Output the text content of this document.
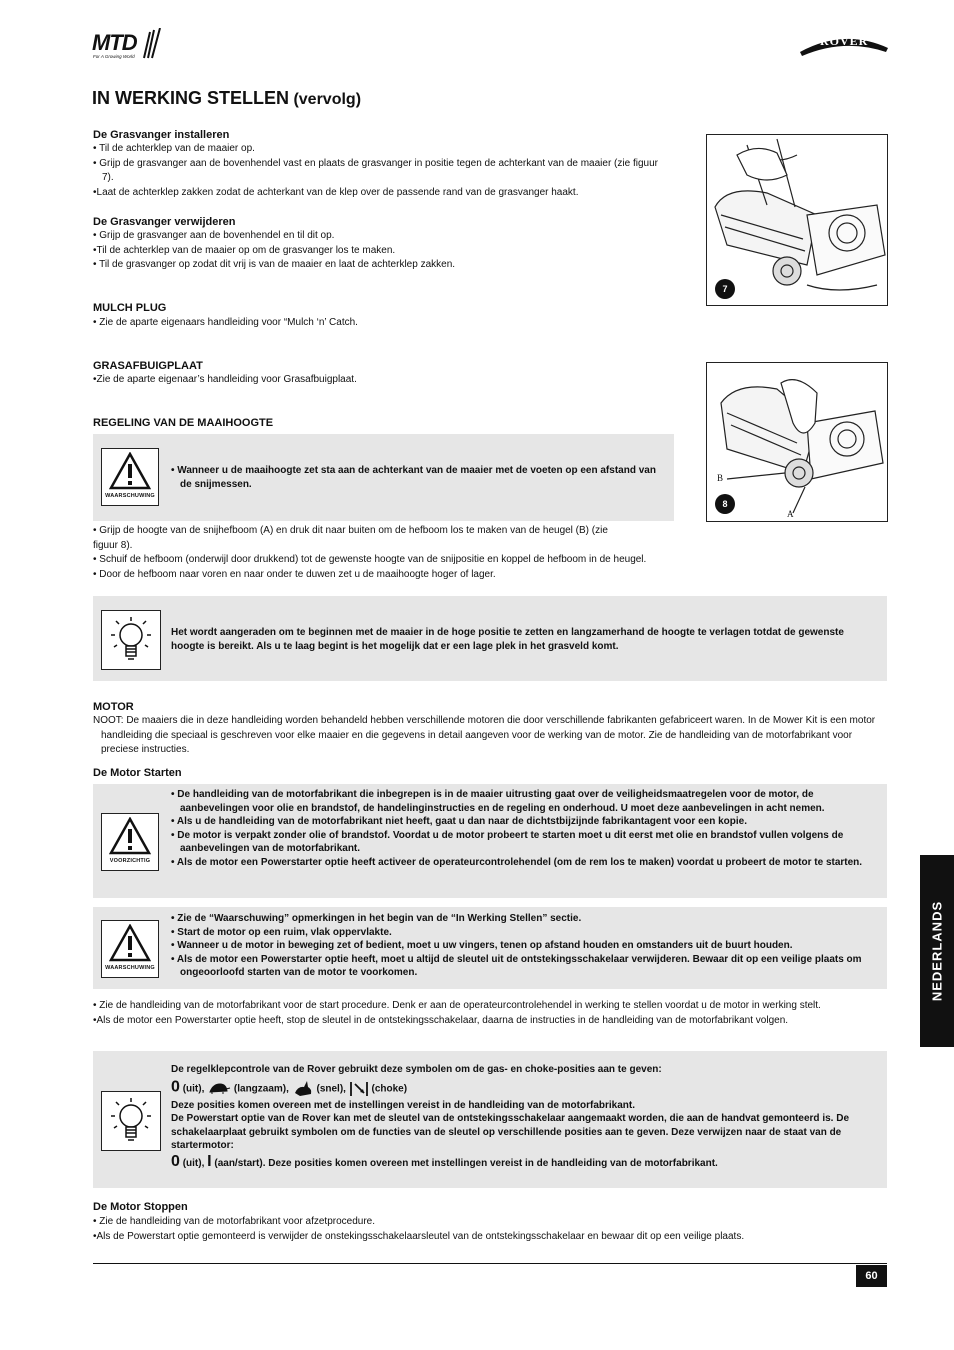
MTD
For A Growing World
ROVER
IN WERKING STELLEN (vervolg)
De Grasvanger installeren
• Til de achterklep van de maaier op.
• Grijp de grasvanger aan de bovenhendel vast en plaats de grasvanger in positie tegen de achterkant van de maaier (zie figuur 7).
•Laat de achterklep zakken zodat de achterkant van de klep over de passende rand van de grasvanger haakt.
De Grasvanger verwijderen
• Grijp de grasvanger aan de bovenhendel en til dit op.
•Til de achterklep van de maaier op om de grasvanger los te maken.
• Til de grasvanger op zodat dit vrij is van de maaier en laat de achterklep zakken.
MULCH PLUG
• Zie de aparte eigenaars handleiding voor “Mulch ‘n’ Catch.
GRASAFBUIGPLAAT
•Zie de aparte eigenaar’s handleiding voor Grasafbuigplaat.
7
B
A
8
REGELING VAN DE MAAIHOOGTE
WAARSCHUWING
• Wanneer u de maaihoogte zet sta aan de achterkant van de maaier met de voeten op een afstand van de snijmessen.
• Grijp de hoogte van de snijhefboom (A) en druk dit naar buiten om de hefboom los te maken van de heugel (B) (zie figuur 8).
• Schuif de hefboom (onderwijl door drukkend) tot de gewenste hoogte van de snijpositie en koppel de hefboom in de heugel.
• Door de hefboom naar voren en naar onder te duwen zet u de maaihoogte hoger of lager.
Het wordt aangeraden om te beginnen met de maaier in de hoge positie te zetten en langzamerhand de hoogte te verlagen totdat de gewenste hoogte is bereikt. Als u te laag begint is het mogelijk dat er een lage plek in het grasveld komt.
MOTOR
NOOT: De maaiers die in deze handleiding worden behandeld hebben verschillende motoren die door verschillende fabrikanten gefabriceert waren. In de Mower Kit is een motor handleiding die speciaal is geschreven voor elke maaier en die gegevens in detail aangeven voor de werking van de motor. Zie de handleiding van de motorfabrikant voor preciese instructies.
De Motor Starten
VOORZICHTIG
• De handleiding van de motorfabrikant die inbegrepen is in de maaier uitrusting gaat over de veiligheidsmaatregelen voor de motor, de aanbevelingen voor olie en brandstof, de handelinginstructies en de regeling en onderhoud. U moet deze aanbevelingen in acht nemen.
• Als u de handleiding van de motorfabrikant niet heeft, gaat u dan naar de dichtstbijzijnde fabrikantagent voor een kopie.
• De motor is verpakt zonder olie of brandstof. Voordat u de motor probeert te starten moet u dit eerst met olie en brandstof vullen volgens de aanbevelingen van de motorfabrikant.
• Als de motor een Powerstarter optie heeft activeer de operateurcontrolehendel (om de rem los te maken) voordat u probeert de motor te starten.
WAARSCHUWING
• Zie de “Waarschuwing” opmerkingen in het begin van de “In Werking Stellen” sectie.
• Start de motor op een ruim, vlak oppervlakte.
• Wanneer u de motor in beweging zet of bedient, moet u uw vingers, tenen op afstand houden en omstanders uit de buurt houden.
• Als de motor een Powerstarter optie heeft, moet u altijd de sleutel uit de ontstekingsschakelaar verwijderen. Bewaar dit op een veilige plaats om ongeoorloofd starten van de motor te voorkomen.
• Zie de handleiding van de motorfabrikant voor de start procedure. Denk er aan de operateurcontrolehendel in werking te stellen voordat u de motor in werking stelt.
•Als de motor een Powerstarter optie heeft, stop de sleutel in de ontstekingsschakelaar, daarna de instructies in de handleiding van de motorfabrikant volgen.
De regelklepcontrole van de Rover gebruikt deze symbolen om de gas- en choke-posities aan te geven:
0 (uit),	(langzaam),	(snel),	(choke)
Deze posities komen overeen met de instellingen vereist in de handleiding van de motorfabrikant.
De Powerstart optie van de Rover kan met de sleutel van de ontstekingsschakelaar aangemaakt worden, die aan de handvat gemonteerd is. De schakelaarplaat gebruikt symbolen om de functies van de sleutel op verschillende posities aan te geven. Deze verwijzen naar de staat van de startermotor:
0 (uit), I (aan/start). Deze posities komen overeen met instellingen vereist in de handleiding van de motorfabrikant.
De Motor Stoppen
• Zie de handleiding van de motorfabrikant voor afzetprocedure.
•Als de Powerstart optie gemonteerd is verwijder de onstekingsschakelaarsleutel van de ontstekingsschakelaar en bewaar dit op een veilige plaats.
60
NEDERLANDS
